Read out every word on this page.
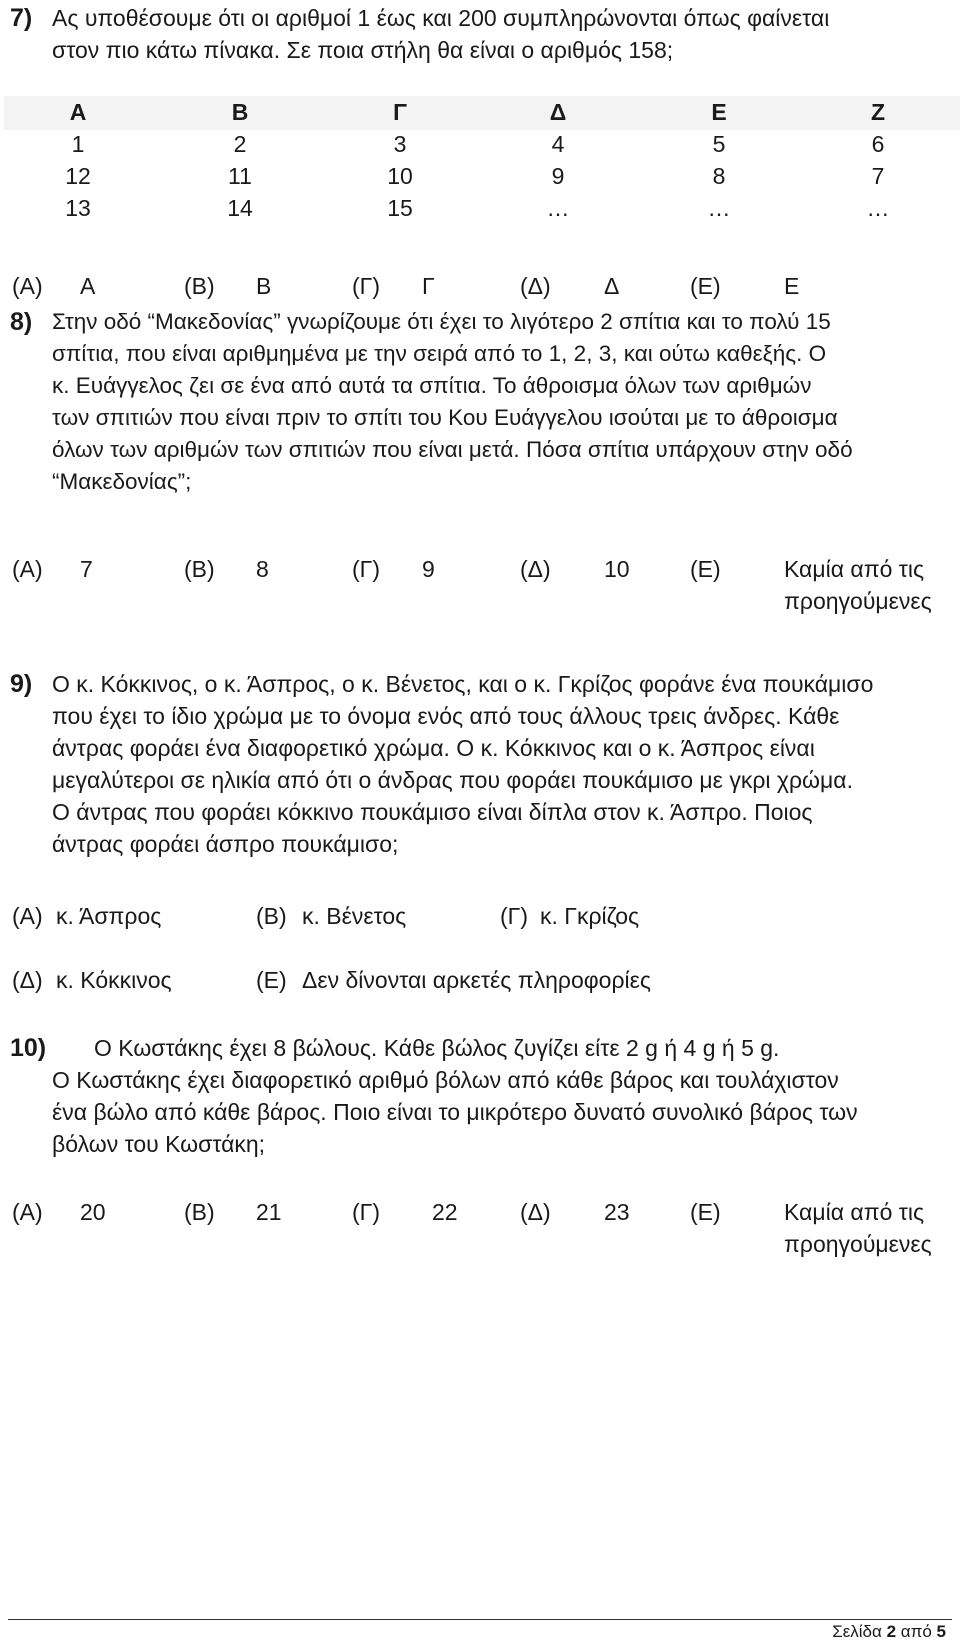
7) Ας υποθέσουμε ότι οι αριθμοί 1 έως και 200 συμπληρώνονται όπως φαίνεται
στον πιο κάτω πίνακα. Σε ποια στήλη θα είναι ο αριθμός 158;
Α	Β	Γ	Δ	Ε	Ζ
1	2	3	4	5	6
12	11	10	9	8	7
13	14	15	…	…	…
(Α) Α	(Β) Β	(Γ) Γ	(Δ) Δ	(Ε)	Ε
8) Στην οδό “Μακεδονίας” γνωρίζουμε ότι έχει το λιγότερο 2 σπίτια και το πολύ 15
σπίτια, που είναι αριθμημένα με την σειρά από το 1, 2, 3, και ούτω καθεξής. Ο
κ. Ευάγγελος ζει σε ένα από αυτά τα σπίτια. Το άθροισμα όλων των αριθμών
των σπιτιών που είναι πριν το σπίτι του Κου Ευάγγελου ισούται με το άθροισμα
όλων των αριθμών των σπιτιών που είναι μετά. Πόσα σπίτια υπάρχουν στην οδό
“Μακεδονίας”;
(Α) 7	(Β) 8	(Γ) 9	(Δ) 10	(Ε)	Καμία από τις
προηγούμενες
9) Ο κ. Κόκκινος, ο κ. Άσπρος, ο κ. Βένετος, και ο κ. Γκρίζος φοράνε ένα πουκάμισο
που έχει το ίδιο χρώμα με το όνομα ενός από τους άλλους τρεις άνδρες. Κάθε
άντρας φοράει ένα διαφορετικό χρώμα. Ο κ. Κόκκινος και ο κ. Άσπρος είναι
μεγαλύτεροι σε ηλικία από ότι ο άνδρας που φοράει πουκάμισο με γκρι χρώμα.
Ο άντρας που φοράει κόκκινο πουκάμισο είναι δίπλα στον κ. Άσπρο. Ποιος
άντρας φοράει άσπρο πουκάμισο;
(Α) κ. Άσπρος	(Β) κ. Βένετος	(Γ) κ. Γκρίζος
(Δ) κ. Κόκκινος	(Ε) Δεν δίνονται αρκετές πληροφορίες
10) Ο Κωστάκης έχει 8 βώλους. Κάθε βώλος ζυγίζει είτε 2 g ή 4 g ή 5 g.
Ο Κωστάκης έχει διαφορετικό αριθμό βόλων από κάθε βάρος και τουλάχιστον
ένα βώλο από κάθε βάρος. Ποιο είναι το μικρότερο δυνατό συνολικό βάρος των
βόλων του Κωστάκη;
(Α) 20	(Β) 21	(Γ) 22	(Δ) 23	(Ε)	Καμία από τις
προηγούμενες
Σελίδα 2 από 5
